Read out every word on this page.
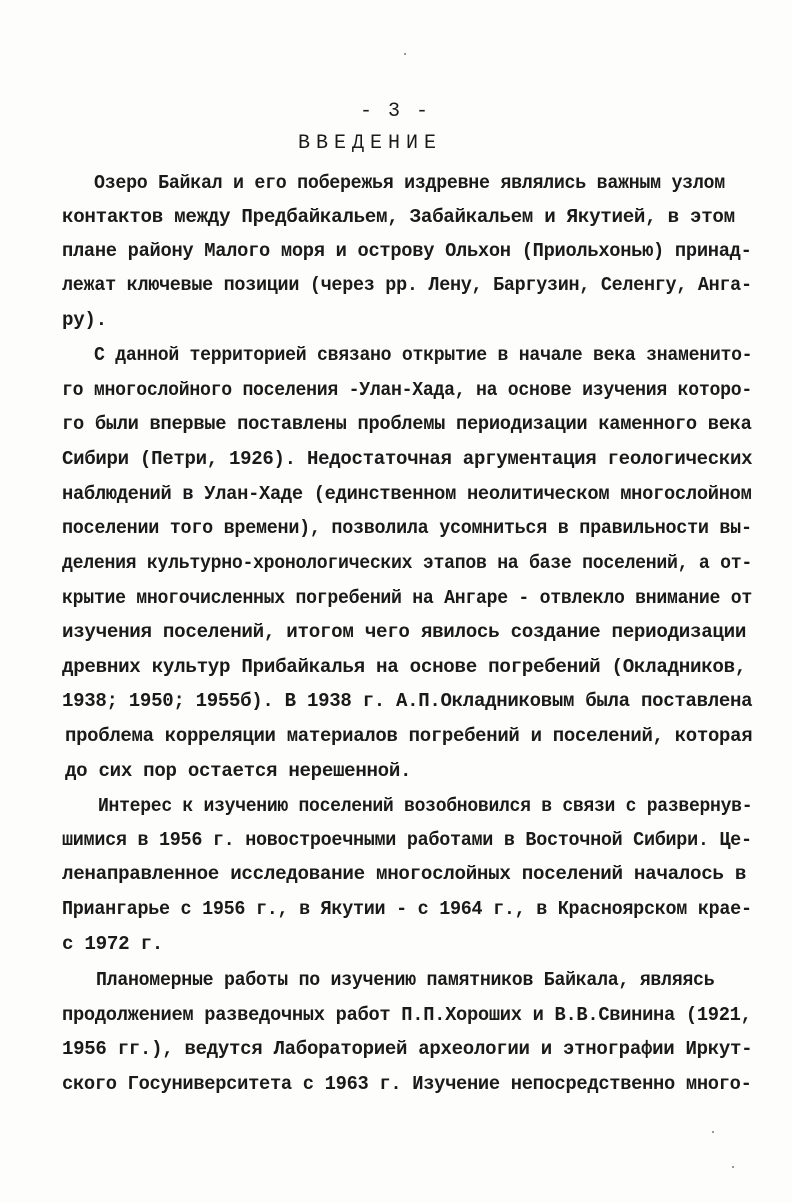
- 3 -
ВВЕДЕНИЕ
Озеро Байкал и его побережья издревне являлись важным узлом
контактов между Предбайкальем, Забайкальем и Якутией, в этом
плане району Малого моря и острову Ольхон (Приольхонью) принад-
лежат ключевые позиции (через рр. Лену, Баргузин, Селенгу, Анга-
ру).
С данной территорией связано открытие в начале века знаменито-
го многослойного поселения -Улан-Хада, на основе изучения которо-
го были впервые поставлены проблемы периодизации каменного века
Сибири (Петри, 1926). Недостаточная аргументация геологических
наблюдений в Улан-Хаде (единственном неолитическом многослойном
поселении того времени), позволила усомниться в правильности вы-
деления культурно-хронологических этапов на базе поселений, а от-
крытие многочисленных погребений на Ангаре - отвлекло внимание от
изучения поселений, итогом чего явилось создание периодизации
древних культур Прибайкалья на основе погребений (Окладников,
1938; 1950; 1955б). В 1938 г. А.П.Окладниковым была поставлена
проблема корреляции материалов погребений и поселений, которая
до сих пор остается нерешенной.
Интерес к изучению поселений возобновился в связи с развернув-
шимися в 1956 г. новостроечными работами в Восточной Сибири. Це-
ленаправленное исследование многослойных поселений началось в
Приангарье с 1956 г., в Якутии - с 1964 г., в Красноярском крае-
с 1972 г.
Планомерные работы по изучению памятников Байкала, являясь
продолжением разведочных работ П.П.Хороших и В.В.Свинина (1921,
1956 гг.), ведутся Лабораторией археологии и этнографии Иркут-
ского Госуниверситета с 1963 г. Изучение непосредственно много-
